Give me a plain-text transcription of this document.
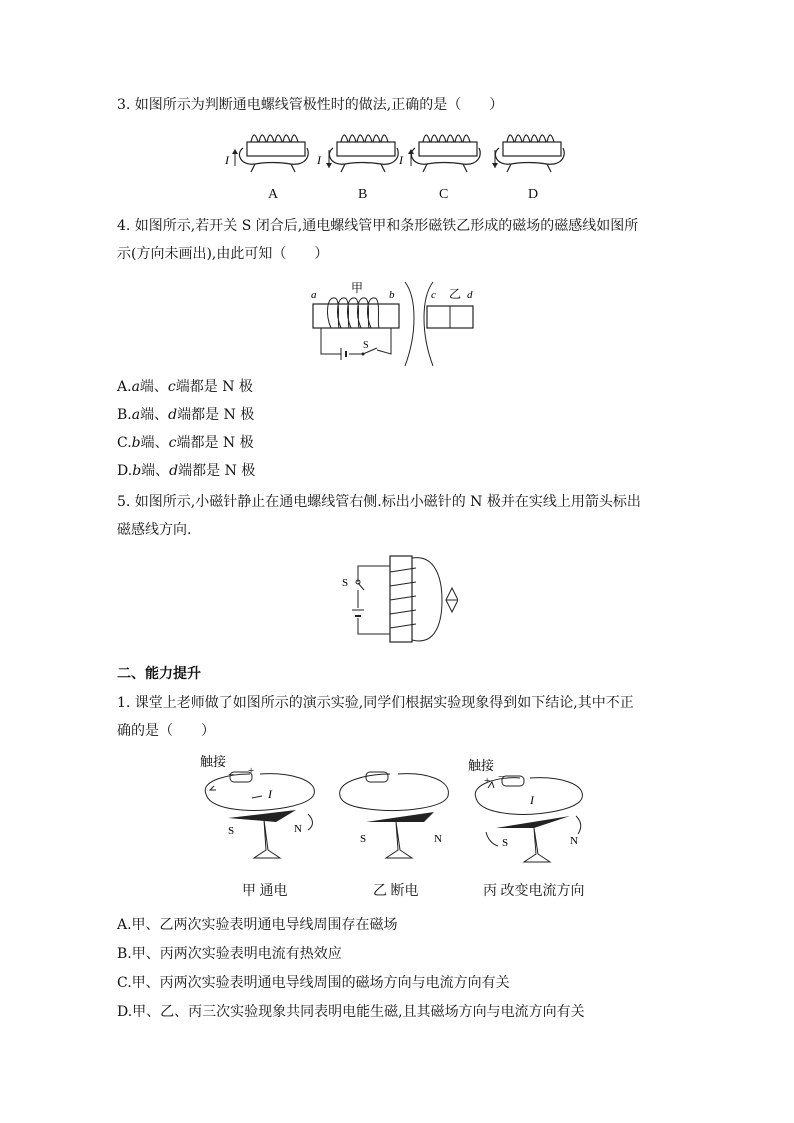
3. 如图所示为判断通电螺线管极性时的做法,正确的是（　　）
I	I	I
A	B	C	D
4. 如图所示,若开关 S 闭合后,通电螺线管甲和条形磁铁乙形成的磁场的磁感线如图所
示(方向未画出),由此可知（　　）
a	甲 b	c 乙 d
S
A.a端、c端都是 N 极
B.a端、d端都是 N 极
C.b端、c端都是 N 极
D.b端、d端都是 N 极
5. 如图所示,小磁针静止在通电螺线管右侧.标出小磁针的 N 极并在实线上用箭头标出
磁感线方向.
S
二、能力提升
1. 课堂上老师做了如图所示的演示实验,同学们根据实验现象得到如下结论,其中不正
确的是（　　）
触接
− +
I
S	N
S	N
触接
+ −
I
S	N
甲 通电	乙 断电	丙 改变电流方向
A.甲、乙两次实验表明通电导线周围存在磁场
B.甲、丙两次实验表明电流有热效应
C.甲、丙两次实验表明通电导线周围的磁场方向与电流方向有关
D.甲、乙、丙三次实验现象共同表明电能生磁,且其磁场方向与电流方向有关
